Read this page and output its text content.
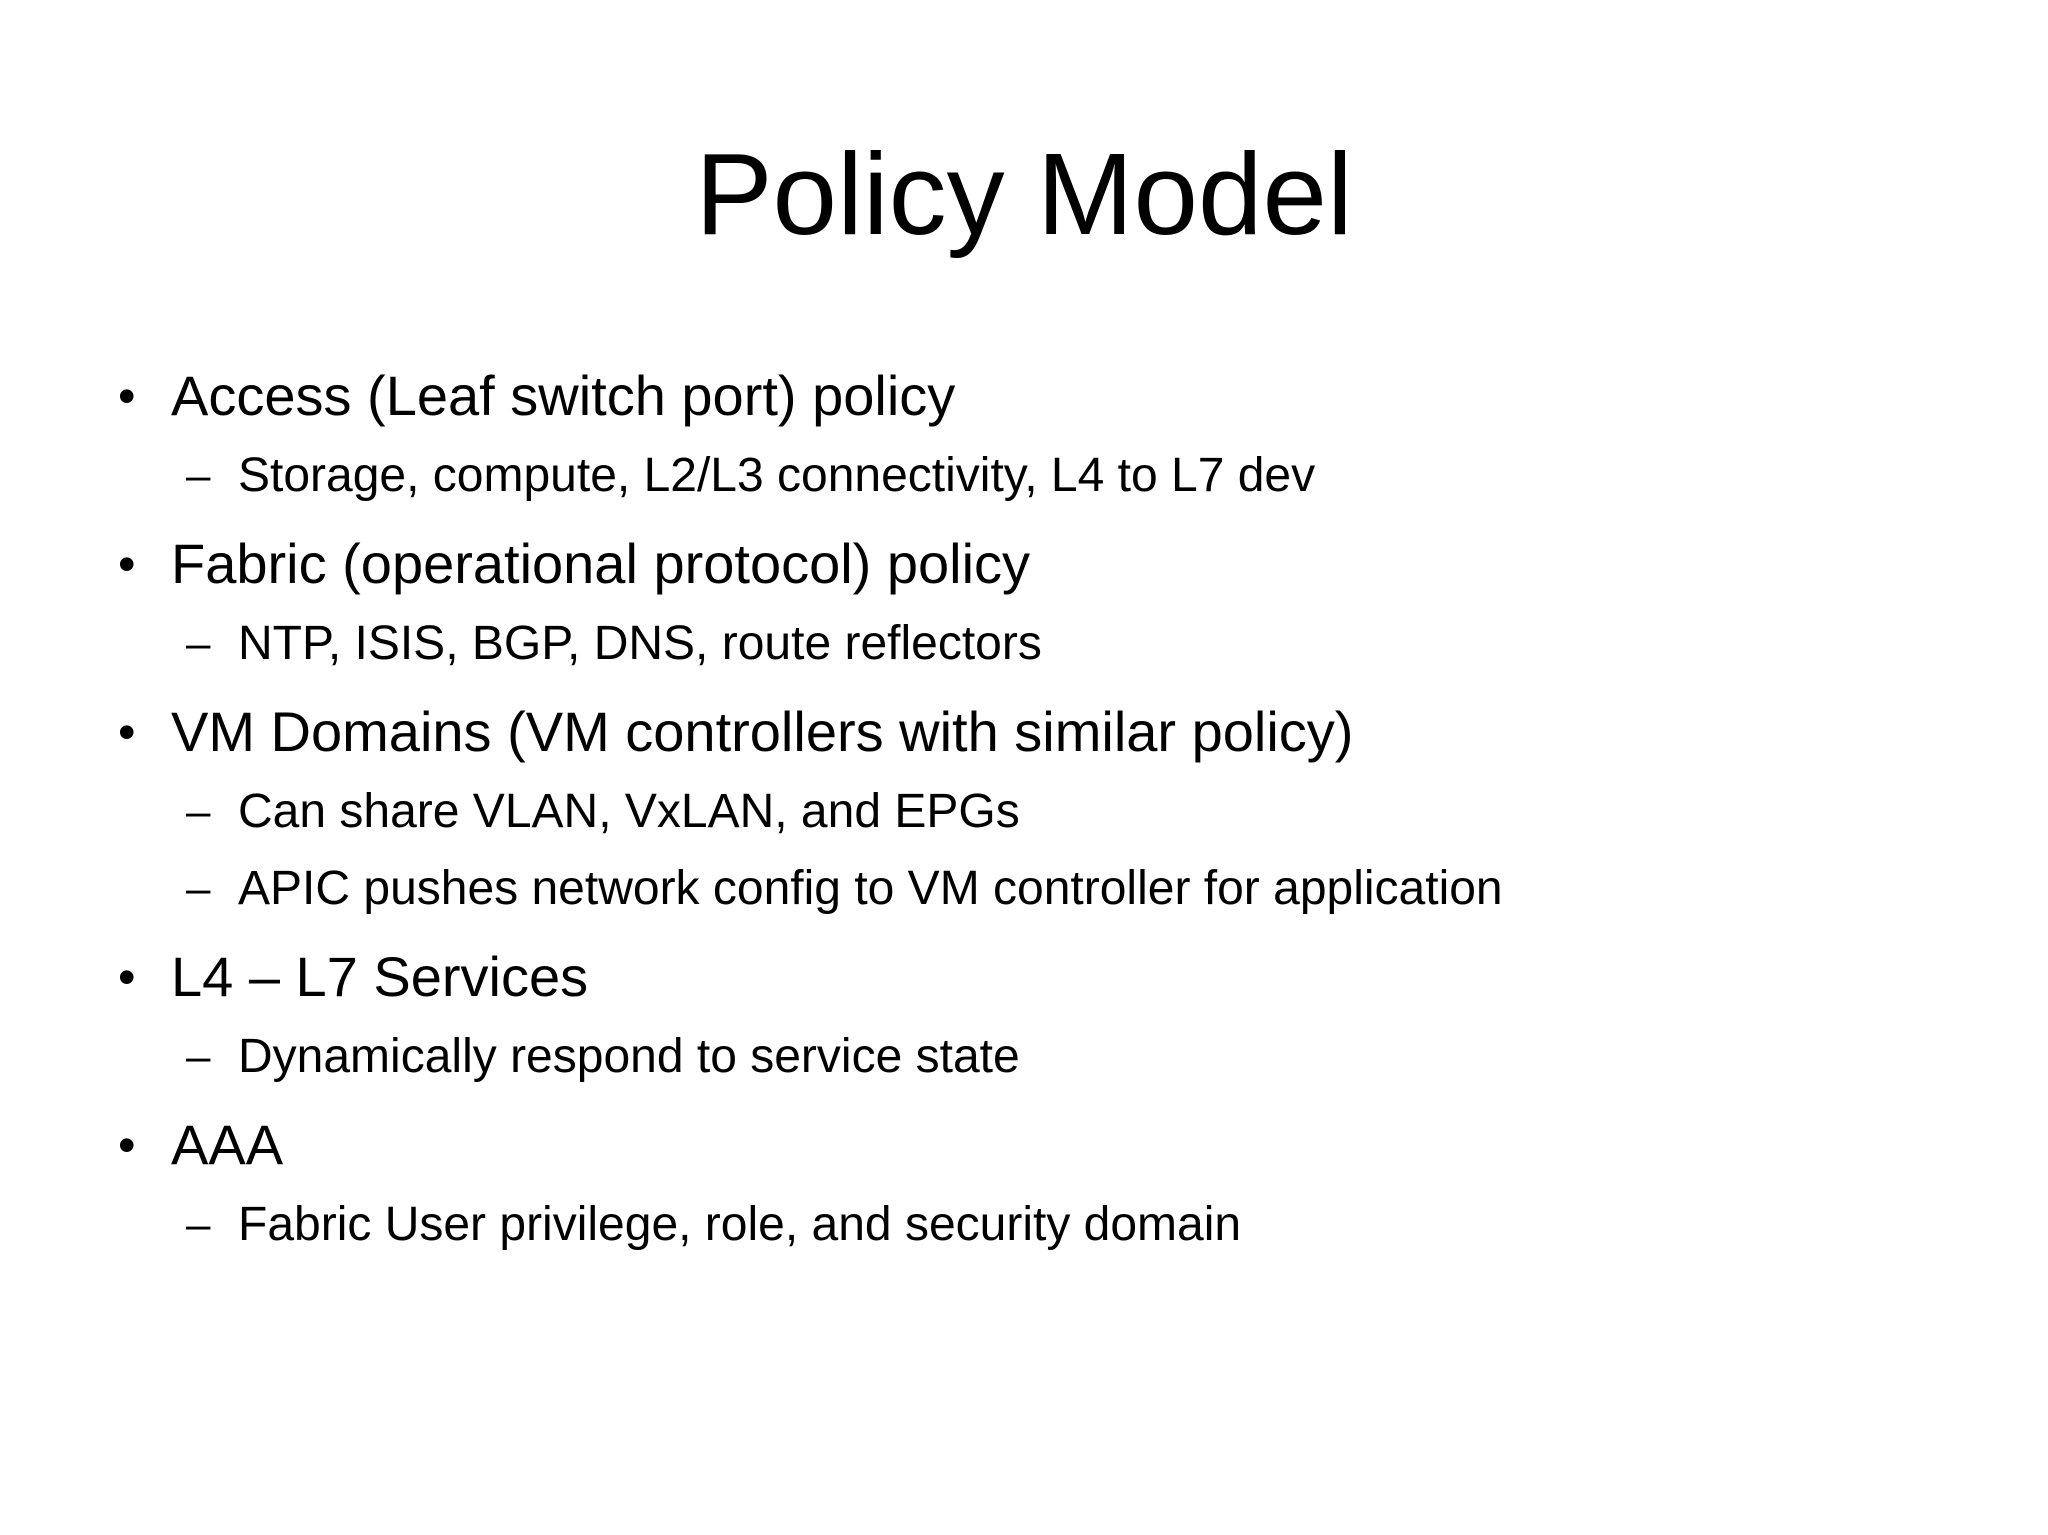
Policy Model
• Access (Leaf switch port) policy
– Storage, compute, L2/L3 connectivity, L4 to L7 dev
• Fabric (operational protocol) policy
– NTP, ISIS, BGP, DNS, route reflectors
• VM Domains (VM controllers with similar policy)
– Can share VLAN, VxLAN, and EPGs
– APIC pushes network config to VM controller for application
• L4 – L7 Services
– Dynamically respond to service state
• AAA
– Fabric User privilege, role, and security domain
